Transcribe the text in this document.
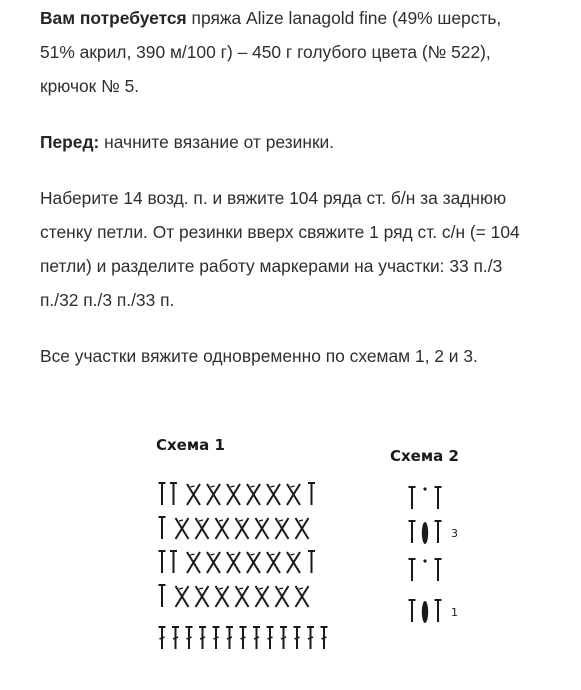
Вам потребуется пряжа Alize lanagold fine (49% шерсть, 51% акрил, 390 м/100 г) – 450 г голубого цвета (№ 522), крючок № 5.
Перед: начните вязание от резинки.
Наберите 14 возд. п. и вяжите 104 ряда ст. б/н за заднюю стенку петли. От резинки вверх свяжите 1 ряд ст. с/н (= 104 петли) и разделите работу маркерами на участки: 33 п./3 п./32 п./3 п./33 п.
Все участки вяжите одновременно по схемам 1, 2 и 3.
Схема 1
Схема 2
3
1
